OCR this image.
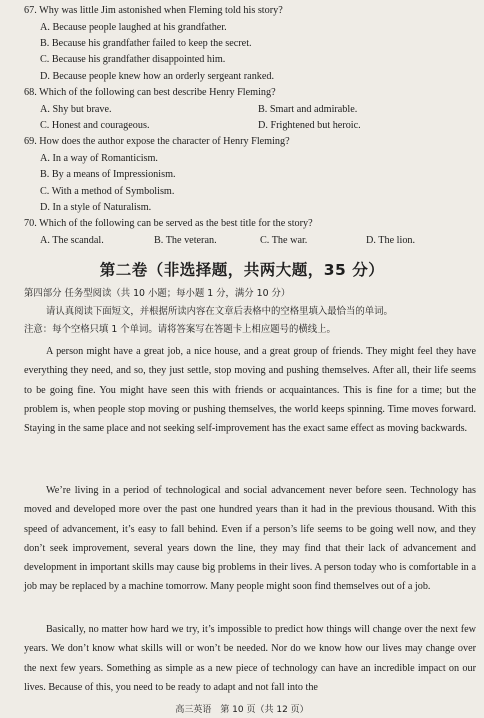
67. Why was little Jim astonished when Fleming told his story?
A. Because people laughed at his grandfather.
B. Because his grandfather failed to keep the secret.
C. Because his grandfather disappointed him.
D. Because people knew how an orderly sergeant ranked.
68. Which of the following can best describe Henry Fleming?
A. Shy but brave.	B. Smart and admirable.
C. Honest and courageous.	D. Frightened but heroic.
69. How does the author expose the character of Henry Fleming?
A. In a way of Romanticism.
B. By a means of Impressionism.
C. With a method of Symbolism.
D. In a style of Naturalism.
70. Which of the following can be served as the best title for the story?
A. The scandal.	B. The veteran.	C. The war.	D. The lion.
第二卷（非选择题，共两大题，35 分）
第四部分 任务型阅读（共 10 小题；每小题 1 分，满分 10 分）
请认真阅读下面短文，并根据所读内容在文章后表格中的空格里填入最恰当的单词。
注意：每个空格只填 1 个单词。请将答案写在答题卡上相应题号的横线上。
A person might have a great job, a nice house, and a great group of friends. They might feel they have everything they need, and so, they just settle, stop moving and pushing themselves. After all, their life seems to be going fine. You might have seen this with friends or acquaintances. This is fine for a time; but the problem is, when people stop moving or pushing themselves, the world keeps spinning. Time moves forward. Staying in the same place and not seeking self-improvement has the exact same effect as moving backwards.
We’re living in a period of technological and social advancement never before seen. Technology has moved and developed more over the past one hundred years than it had in the previous thousand. With this speed of advancement, it’s easy to fall behind. Even if a person’s life seems to be going well now, and they don’t seek improvement, several years down the line, they may find that their lack of advancement and development in important skills may cause big problems in their lives. A person today who is comfortable in a job may be replaced by a machine tomorrow. Many people might soon find themselves out of a job.
Basically, no matter how hard we try, it’s impossible to predict how things will change over the next few years. We don’t know what skills will or won’t be needed. Nor do we know how our lives may change over the next few years. Something as simple as a new piece of technology can have an incredible impact on our lives. Because of this, you need to be ready to adapt and not fall into the
高三英语　第 10 页（共 12 页）
